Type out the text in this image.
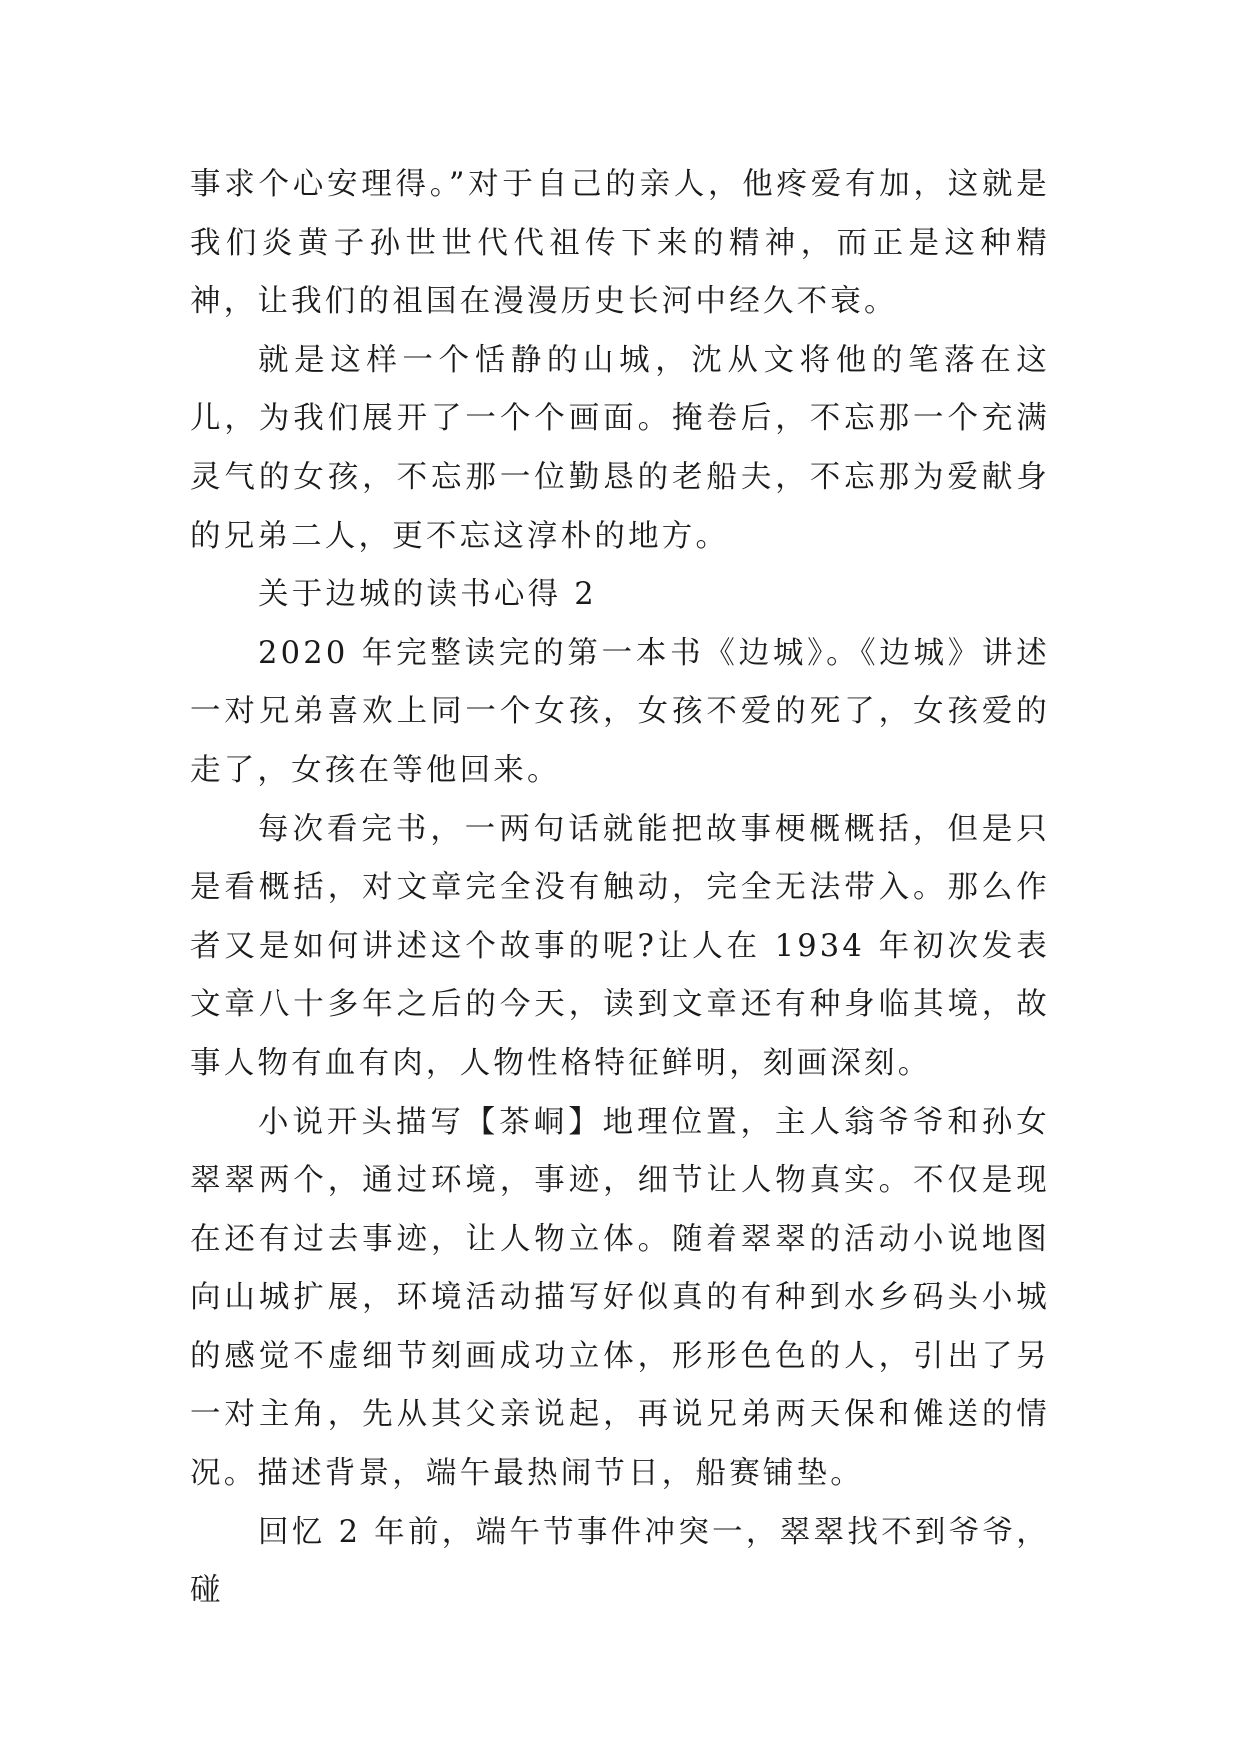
事求个心安理得。”对于自己的亲人，他疼爱有加，这就是我们炎黄子孙世世代代祖传下来的精神，而正是这种精神，让我们的祖国在漫漫历史长河中经久不衰。

就是这样一个恬静的山城，沈从文将他的笔落在这儿，为我们展开了一个个画面。掩卷后，不忘那一个充满灵气的女孩，不忘那一位勤恳的老船夫，不忘那为爱献身的兄弟二人，更不忘这淳朴的地方。

关于边城的读书心得 2

2020 年完整读完的第一本书《边城》。《边城》讲述一对兄弟喜欢上同一个女孩，女孩不爱的死了，女孩爱的走了，女孩在等他回来。

每次看完书，一两句话就能把故事梗概概括，但是只是看概括，对文章完全没有触动，完全无法带入。那么作者又是如何讲述这个故事的呢?让人在 1934 年初次发表文章八十多年之后的今天，读到文章还有种身临其境，故事人物有血有肉，人物性格特征鲜明，刻画深刻。

小说开头描写【茶峒】地理位置，主人翁爷爷和孙女翠翠两个，通过环境，事迹，细节让人物真实。不仅是现在还有过去事迹，让人物立体。随着翠翠的活动小说地图向山城扩展，环境活动描写好似真的有种到水乡码头小城的感觉不虚细节刻画成功立体，形形色色的人，引出了另一对主角，先从其父亲说起，再说兄弟两天保和傩送的情况。描述背景，端午最热闹节日，船赛铺垫。

回忆 2 年前，端午节事件冲突一，翠翠找不到爷爷，碰
